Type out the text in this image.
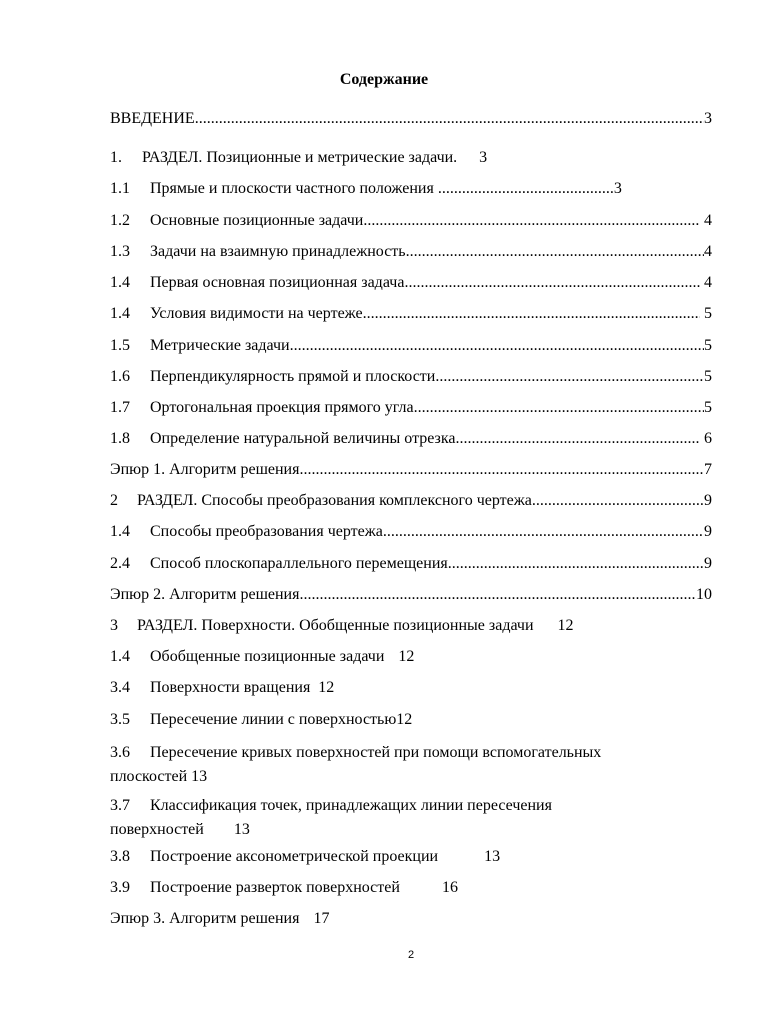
Содержание
ВВЕДЕНИЕ .....	3
1. РАЗДЕЛ. Позиционные и метрические задачи. 3
1.1 Прямые и плоскости частного положения ............................................3
1.2 Основные позиционные задачи .....	4
1.3 Задачи на взаимную принадлежность .....	4
1.4 Первая основная позиционная задача .....	4
1.4 Условия видимости на чертеже .....	5
1.5 Метрические задачи .....	5
1.6 Перпендикулярность прямой и плоскости .....	5
1.7 Ортогональная проекция прямого угла .....	5
1.8 Определение натуральной величины отрезка .....	6
Эпюр 1. Алгоритм решения .....	7
2 РАЗДЕЛ. Способы преобразования комплексного чертежа .....	9
1.4 Способы преобразования чертежа .....	9
2.4 Способ плоскопараллельного перемещения .....	9
Эпюр 2. Алгоритм решения .....	10
3 РАЗДЕЛ. Поверхности. Обобщенные позиционные задачи 12
1.4 Обобщенные позиционные задачи 12
3.4 Поверхности вращения 12
3.5 Пересечение линии с поверхностью12
3.6 Пересечение кривых поверхностей при помощи вспомогательных
плоскостей 13
3.7 Классификация точек, принадлежащих линии пересечения
поверхностей 13
3.8 Построение аксонометрической проекции	13
3.9 Построение разверток поверхностей	16
Эпюр 3. Алгоритм решения 17
2
